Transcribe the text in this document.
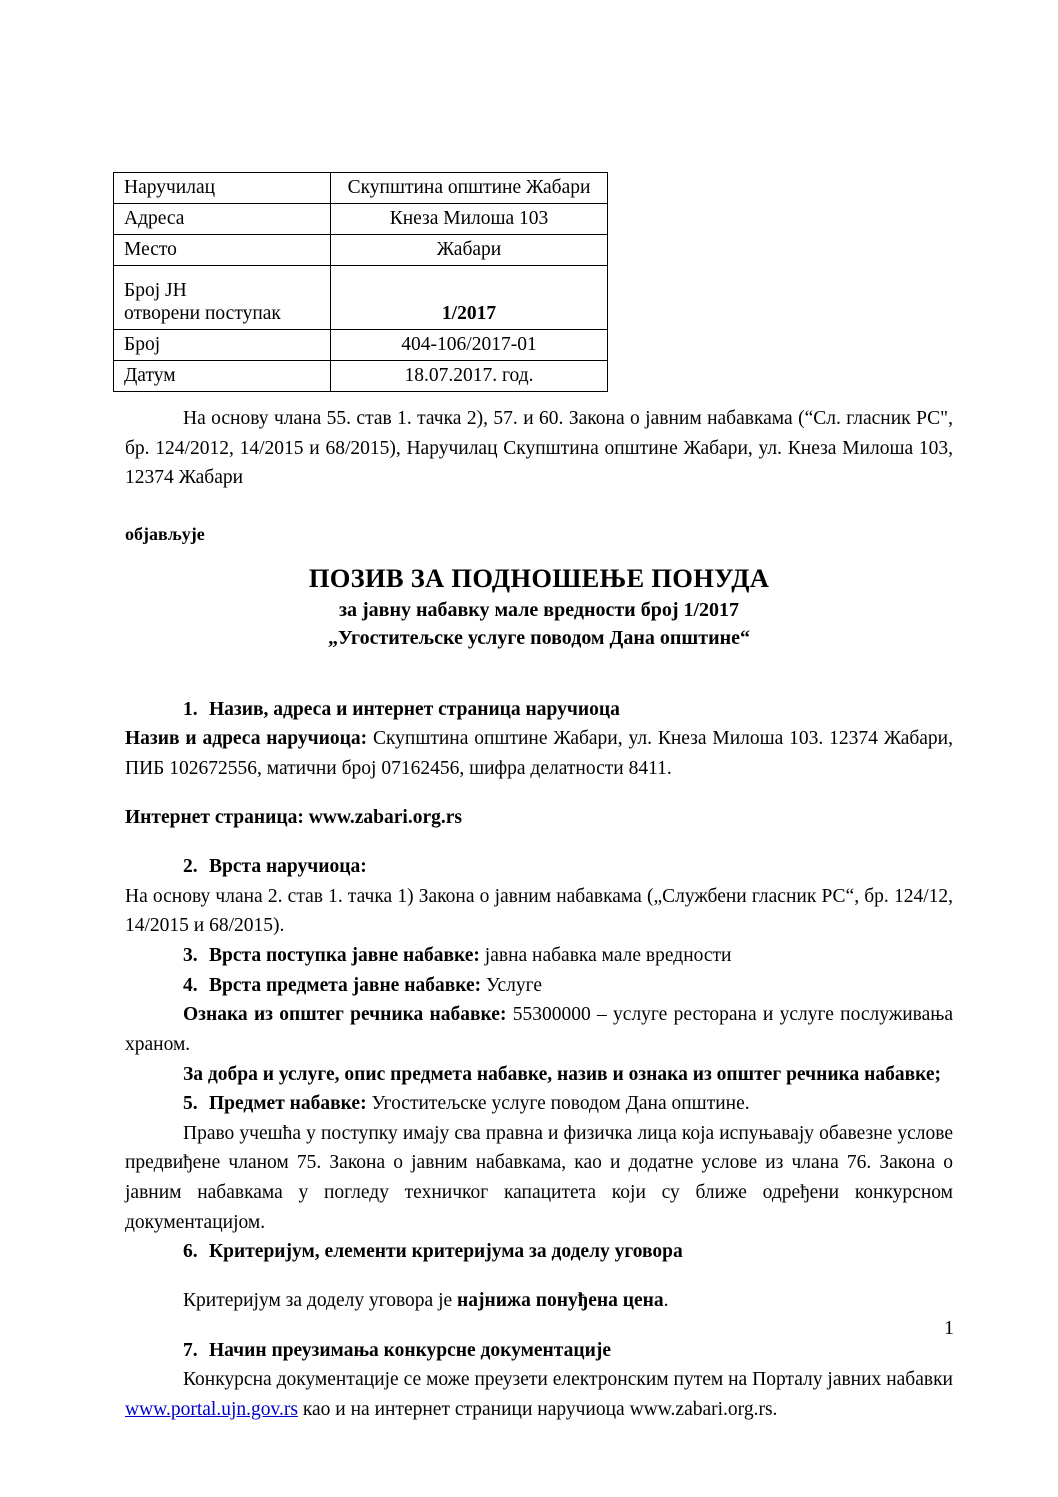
Наручилац	Скупштина општине Жабари
Адреса	Кнеза Милоша 103
Место	Жабари
Број ЈН
отворени поступак	1/2017
Број	404-106/2017-01
Датум	18.07.2017. год.

На основу члана 55. став 1. тачка 2), 57. и 60. Закона о јавним набавкама (“Сл. гласник РС", бр. 124/2012, 14/2015 и 68/2015), Наручилац Скупштина општине Жабари, ул. Кнеза Милоша 103, 12374 Жабари

објављује
ПОЗИВ ЗА ПОДНОШЕЊЕ ПОНУДА
за јавну набавку мале вредности број 1/2017
„Угоститељске услуге поводом Дана општине“

1. Назив, адреса и интернет страница наручиоца

Назив и адреса наручиоца: Скупштина општине Жабари, ул. Кнеза Милоша 103. 12374 Жабари, ПИБ 102672556, матични број 07162456, шифра делатности 8411.

Интернет страница: www.zabari.org.rs

2. Врста наручиоца:

На основу члана 2. став 1. тачка 1) Закона о јавним набавкама („Службени гласник РС“, бр. 124/12, 14/2015 и 68/2015).

3. Врста поступка јавне набавке: јавна набавка мале вредности

4. Врста предмета јавне набавке: Услуге

Ознака из општег речника набавке: 55300000 – услуге ресторана и услуге послуживања храном.

За добра и услуге, опис предмета набавке, назив и ознака из општег речника набавке;

5. Предмет набавке: Угоститељске услуге поводом Дана општине.

Право учешћа у поступку имају сва правна и физичка лица која испуњавају обавезне услове предвиђене чланом 75. Закона о јавним набавкама, као и додатне услове из члана 76. Закона о јавним набавкама у погледу техничког капацитета који су ближе одређени конкурсном документацијом.

6. Критеријум, елементи критеријума за доделу уговора

Критеријум за доделу уговора је најнижа понуђена цена.

7. Начин преузимања конкурсне документације

Конкурсна документације се може преузети електронским путем на Порталу јавних набавки www.portal.ujn.gov.rs као и на интернет страници наручиоца www.zabari.org.rs.

1
